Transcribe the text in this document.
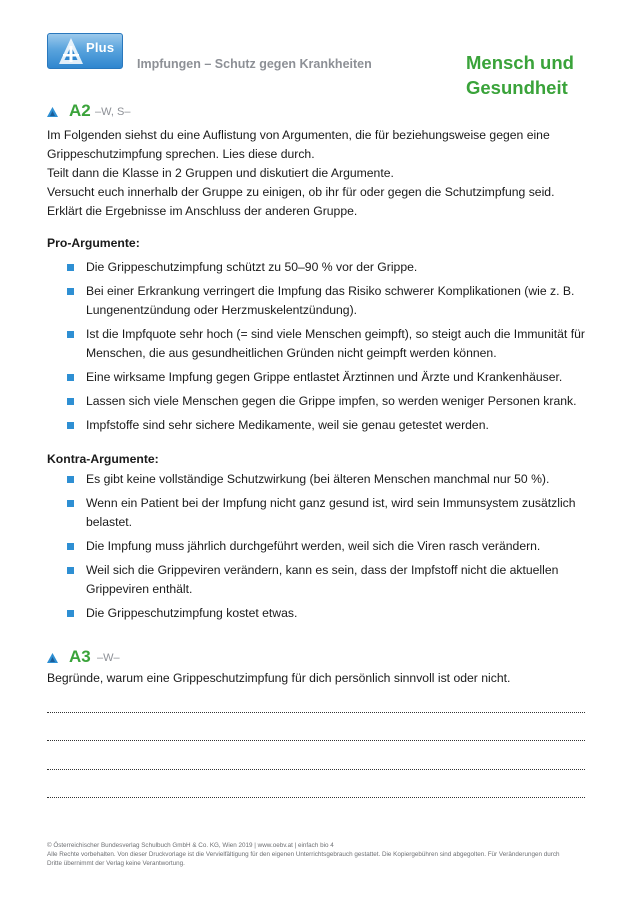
Plus
Impfungen – Schutz gegen Krankheiten	Mensch und
Gesundheit
A2 –W, S–
Im Folgenden siehst du eine Auflistung von Argumenten, die für beziehungsweise gegen eine
Grippeschutzimpfung sprechen. Lies diese durch.
Teilt dann die Klasse in 2 Gruppen und diskutiert die Argumente.
Versucht euch innerhalb der Gruppe zu einigen, ob ihr für oder gegen die Schutzimpfung seid.
Erklärt die Ergebnisse im Anschluss der anderen Gruppe.
Pro-Argumente:
Die Grippeschutzimpfung schützt zu 50–90 % vor der Grippe.
Bei einer Erkrankung verringert die Impfung das Risiko schwerer Komplikationen (wie z. B.
Lungenentzündung oder Herzmuskelentzündung).
Ist die Impfquote sehr hoch (= sind viele Menschen geimpft), so steigt auch die Immunität für
Menschen, die aus gesundheitlichen Gründen nicht geimpft werden können.
Eine wirksame Impfung gegen Grippe entlastet Ärztinnen und Ärzte und Krankenhäuser.
Lassen sich viele Menschen gegen die Grippe impfen, so werden weniger Personen krank.
Impfstoffe sind sehr sichere Medikamente, weil sie genau getestet werden.
Kontra-Argumente:
Es gibt keine vollständige Schutzwirkung (bei älteren Menschen manchmal nur 50 %).
Wenn ein Patient bei der Impfung nicht ganz gesund ist, wird sein Immunsystem zusätzlich
belastet.
Die Impfung muss jährlich durchgeführt werden, weil sich die Viren rasch verändern.
Weil sich die Grippeviren verändern, kann es sein, dass der Impfstoff nicht die aktuellen
Grippeviren enthält.
Die Grippeschutzimpfung kostet etwas.
A3 –W–
Begründe, warum eine Grippeschutzimpfung für dich persönlich sinnvoll ist oder nicht.
© Österreichischer Bundesverlag Schulbuch GmbH & Co. KG, Wien 2019 | www.oebv.at | einfach bio 4
Alle Rechte vorbehalten. Von dieser Druckvorlage ist die Vervielfältigung für den eigenen Unterrichtsgebrauch gestattet. Die Kopiergebühren sind abgegolten. Für Veränderungen durch
Dritte übernimmt der Verlag keine Verantwortung.
